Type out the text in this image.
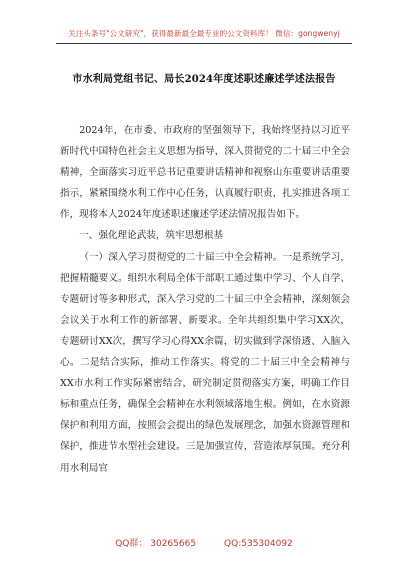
关注头条号"公文研究"，获得最新最全最专业的公文资料库！ 微信：gongwenyj
市水利局党组书记、局长2024年度述职述廉述学述法报告

2024年，在市委、市政府的坚强领导下，我始终坚持以习近平新时代中国特色社会主义思想为指导，深入贯彻党的二十届三中全会精神，全面落实习近平总书记重要讲话精神和视察山东重要讲话重要指示，紧紧围绕水利工作中心任务，认真履行职责，扎实推进各项工作，现将本人2024年度述职述廉述学述法情况报告如下。

一、强化理论武装，筑牢思想根基

（一）深入学习贯彻党的二十届三中全会精神。一是系统学习，把握精髓要义。组织水利局全体干部职工通过集中学习、个人自学、专题研讨等多种形式，深入学习党的二十届三中全会精神，深刻领会会议关于水利工作的新部署、新要求。全年共组织集中学习XX次，专题研讨XX次，撰写学习心得XX余篇，切实做到学深悟透、入脑入心。二是结合实际，推动工作落实。将党的二十届三中全会精神与XX市水利工作实际紧密结合，研究制定贯彻落实方案，明确工作目标和重点任务，确保全会精神在水利领域落地生根。例如，在水资源保护和利用方面，按照会会提出的绿色发展理念，加强水资源管理和保护，推进节水型社会建设。三是加强宣传，营造浓厚氛围。充分利用水利局官

QQ群： 30265665	QQ:535304092
